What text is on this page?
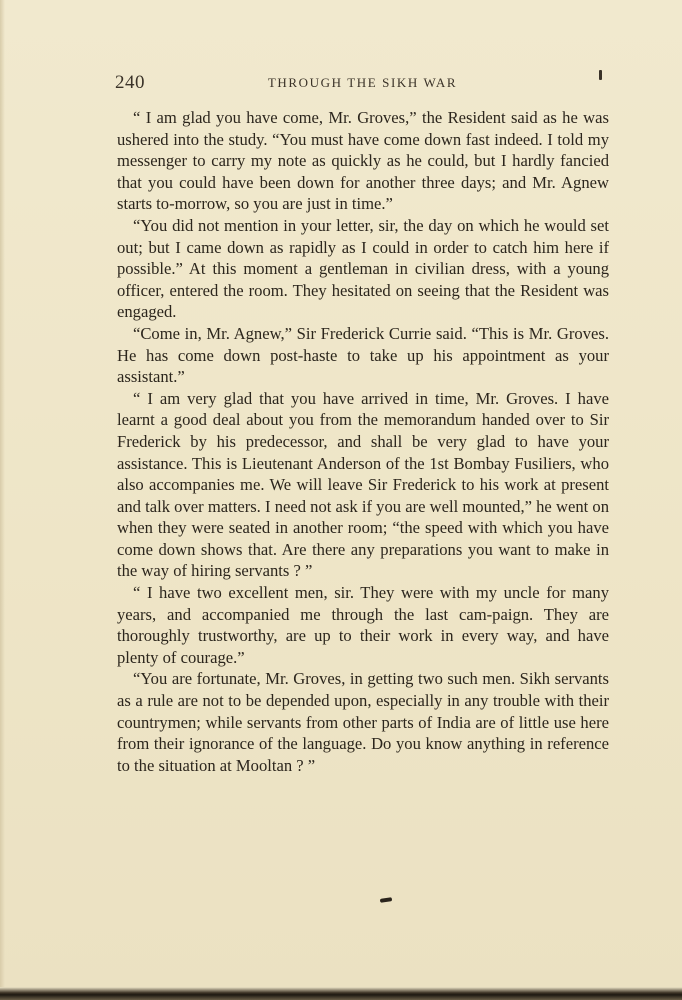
240	THROUGH THE SIKH WAR

“ I am glad you have come, Mr. Groves,” the Resident said as he was ushered into the study. “You must have come down fast indeed. I told my messenger to carry my note as quickly as he could, but I hardly fancied that you could have been down for another three days; and Mr. Agnew starts to-morrow, so you are just in time.”

“You did not mention in your letter, sir, the day on which he would set out; but I came down as rapidly as I could in order to catch him here if possible.” At this moment a gentleman in civilian dress, with a young officer, entered the room. They hesitated on seeing that the Resident was engaged.

“Come in, Mr. Agnew,” Sir Frederick Currie said. “This is Mr. Groves. He has come down post-haste to take up his appointment as your assistant.”

“ I am very glad that you have arrived in time, Mr. Groves. I have learnt a good deal about you from the memorandum handed over to Sir Frederick by his predecessor, and shall be very glad to have your assistance. This is Lieutenant Anderson of the 1st Bombay Fusiliers, who also accompanies me. We will leave Sir Frederick to his work at present and talk over matters. I need not ask if you are well mounted,” he went on when they were seated in another room; “the speed with which you have come down shows that. Are there any preparations you want to make in the way of hiring servants ? ”

“ I have two excellent men, sir. They were with my uncle for many years, and accompanied me through the last cam-paign. They are thoroughly trustworthy, are up to their work in every way, and have plenty of courage.”

“You are fortunate, Mr. Groves, in getting two such men. Sikh servants as a rule are not to be depended upon, especially in any trouble with their countrymen; while servants from other parts of India are of little use here from their ignorance of the language. Do you know anything in reference to the situation at Mooltan ? ”
